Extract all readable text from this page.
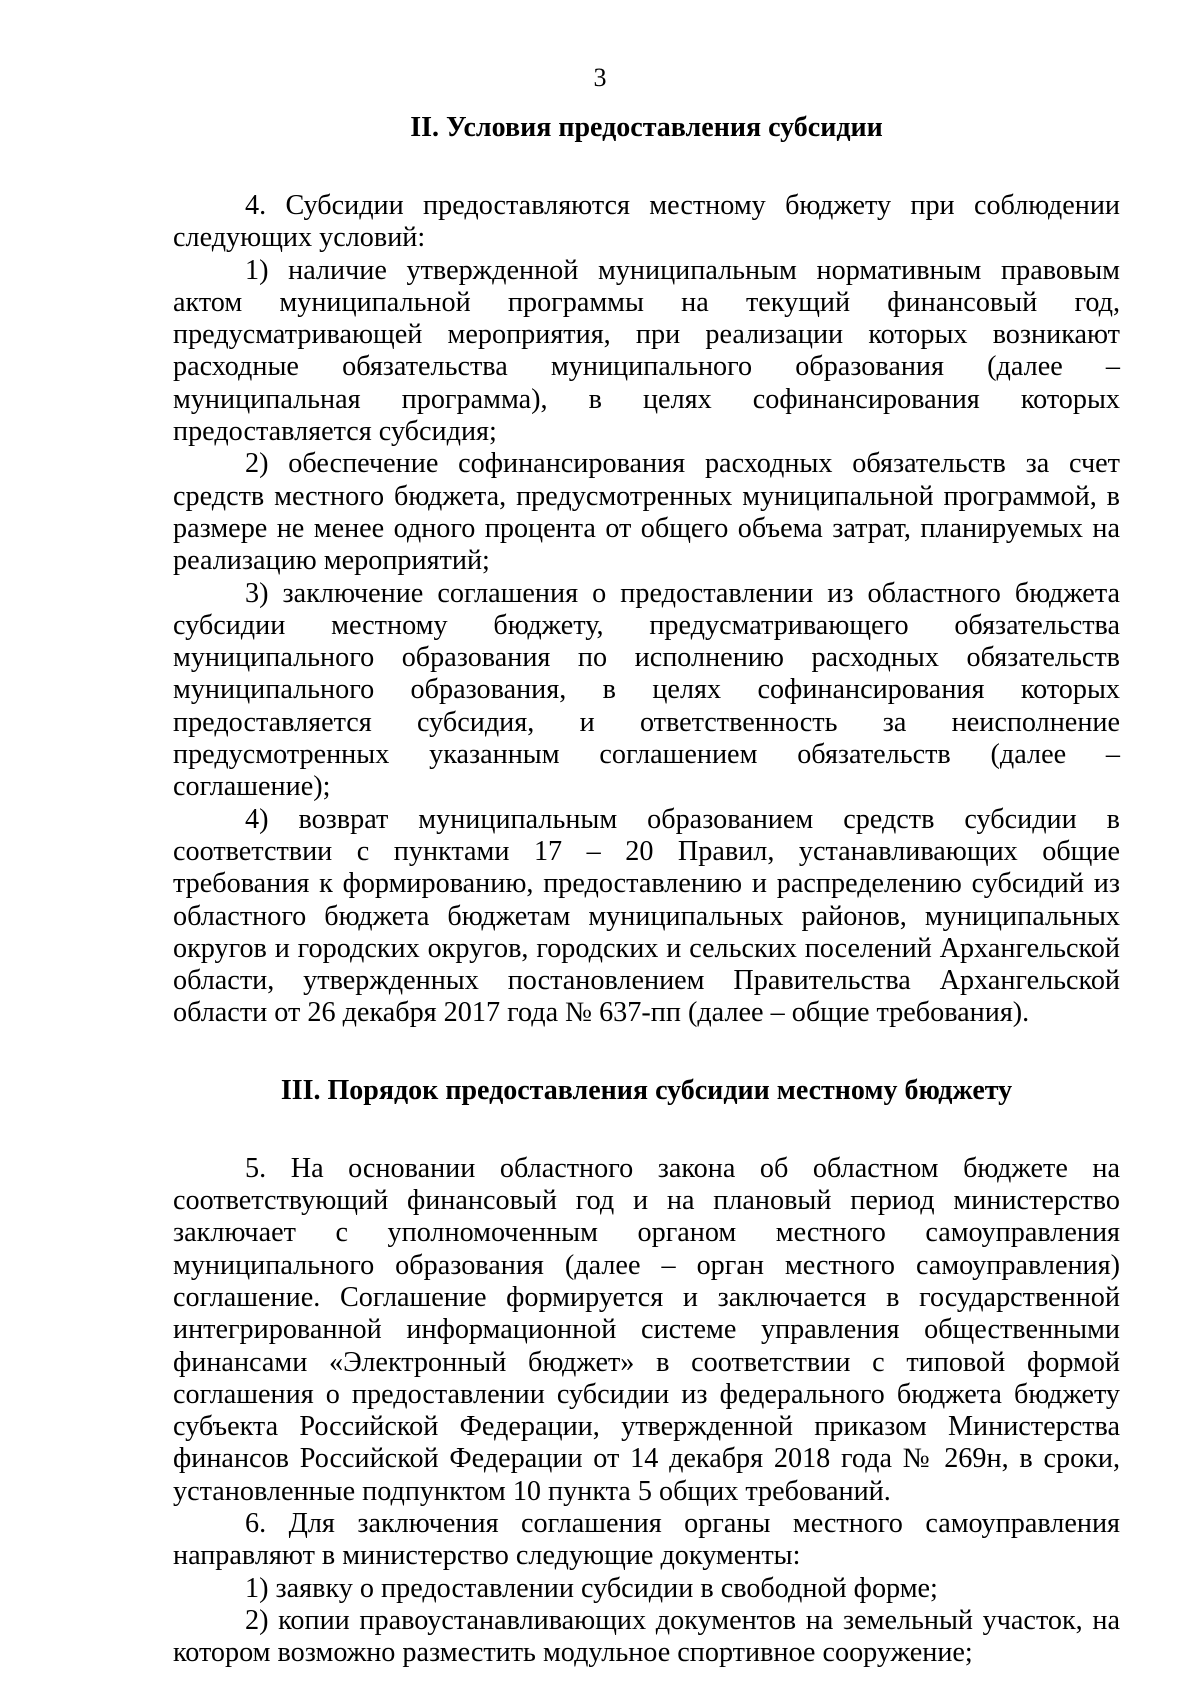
3
II. Условия предоставления субсидии

4. Субсидии предоставляются местному бюджету при соблюдении следующих условий:

1) наличие утвержденной муниципальным нормативным правовым актом муниципальной программы на текущий финансовый год, предусматривающей мероприятия, при реализации которых возникают расходные обязательства муниципального образования (далее – муниципальная программа), в целях софинансирования которых предоставляется субсидия;

2) обеспечение софинансирования расходных обязательств за счет средств местного бюджета, предусмотренных муниципальной программой, в размере не менее одного процента от общего объема затрат, планируемых на реализацию мероприятий;

3) заключение соглашения о предоставлении из областного бюджета субсидии местному бюджету, предусматривающего обязательства муниципального образования по исполнению расходных обязательств муниципального образования, в целях софинансирования которых предоставляется субсидия, и ответственность за неисполнение предусмотренных указанным соглашением обязательств (далее – соглашение);

4) возврат муниципальным образованием средств субсидии в соответствии с пунктами 17 – 20 Правил, устанавливающих общие требования к формированию, предоставлению и распределению субсидий из областного бюджета бюджетам муниципальных районов, муниципальных округов и городских округов, городских и сельских поселений Архангельской области, утвержденных постановлением Правительства Архангельской области от 26 декабря 2017 года № 637-пп (далее – общие требования).

III. Порядок предоставления субсидии местному бюджету

5. На основании областного закона об областном бюджете на соответствующий финансовый год и на плановый период министерство заключает с уполномоченным органом местного самоуправления муниципального образования (далее – орган местного самоуправления) соглашение. Соглашение формируется и заключается в государственной интегрированной информационной системе управления общественными финансами «Электронный бюджет» в соответствии с типовой формой соглашения о предоставлении субсидии из федерального бюджета бюджету субъекта Российской Федерации, утвержденной приказом Министерства финансов Российской Федерации от 14 декабря 2018 года № 269н, в сроки, установленные подпунктом 10 пункта 5 общих требований.

6. Для заключения соглашения органы местного самоуправления направляют в министерство следующие документы:

1) заявку о предоставлении субсидии в свободной форме;

2) копии правоустанавливающих документов на земельный участок, на котором возможно разместить модульное спортивное сооружение;
